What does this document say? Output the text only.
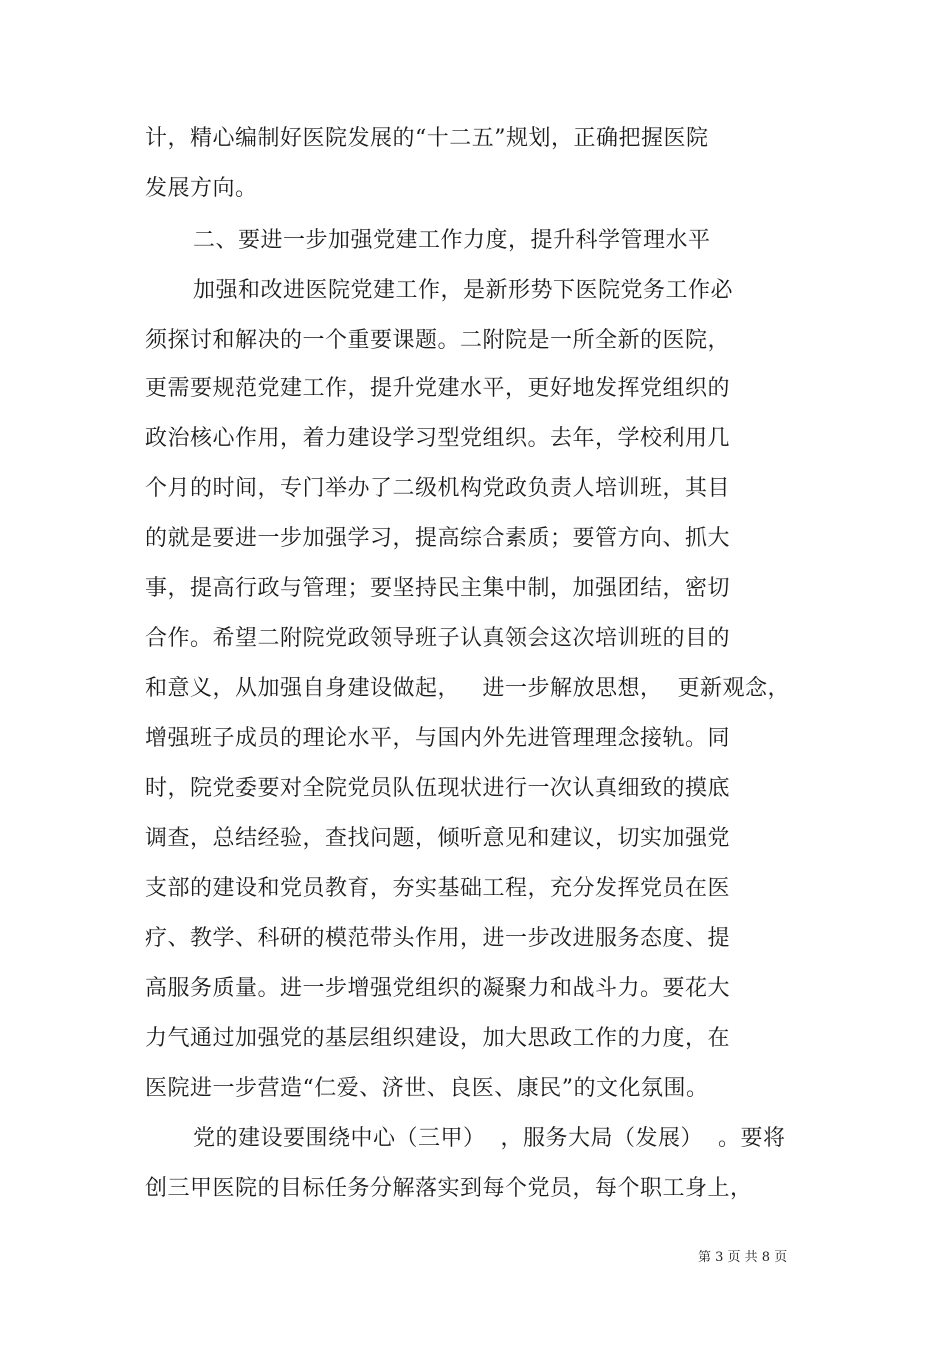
计，精心编制好医院发展的“十二五”规划，正确把握医院
发展方向。
二、要进一步加强党建工作力度，提升科学管理水平
加强和改进医院党建工作，是新形势下医院党务工作必
须探讨和解决的一个重要课题。二附院是一所全新的医院，
更需要规范党建工作，提升党建水平，更好地发挥党组织的
政治核心作用，着力建设学习型党组织。去年，学校利用几
个月的时间，专门举办了二级机构党政负责人培训班，其目
的就是要进一步加强学习，提高综合素质；要管方向、抓大
事，提高行政与管理；要坚持民主集中制，加强团结，密切
合作。希望二附院党政领导班子认真领会这次培训班的目的
和意义，从加强自身建设做起，   进一步解放思想，  更新观念，
增强班子成员的理论水平，与国内外先进管理理念接轨。同
时，院党委要对全院党员队伍现状进行一次认真细致的摸底
调查，总结经验，查找问题，倾听意见和建议，切实加强党
支部的建设和党员教育，夯实基础工程，充分发挥党员在医
疗、教学、科研的模范带头作用，进一步改进服务态度、提
高服务质量。进一步增强党组织的凝聚力和战斗力。要花大
力气通过加强党的基层组织建设，加大思政工作的力度，在
医院进一步营造“仁爱、济世、良医、康民”的文化氛围。
党的建设要围绕中心（三甲）  ，服务大局（发展）  。要将
创三甲医院的目标任务分解落实到每个党员，每个职工身上，
第 3 页 共 8 页
